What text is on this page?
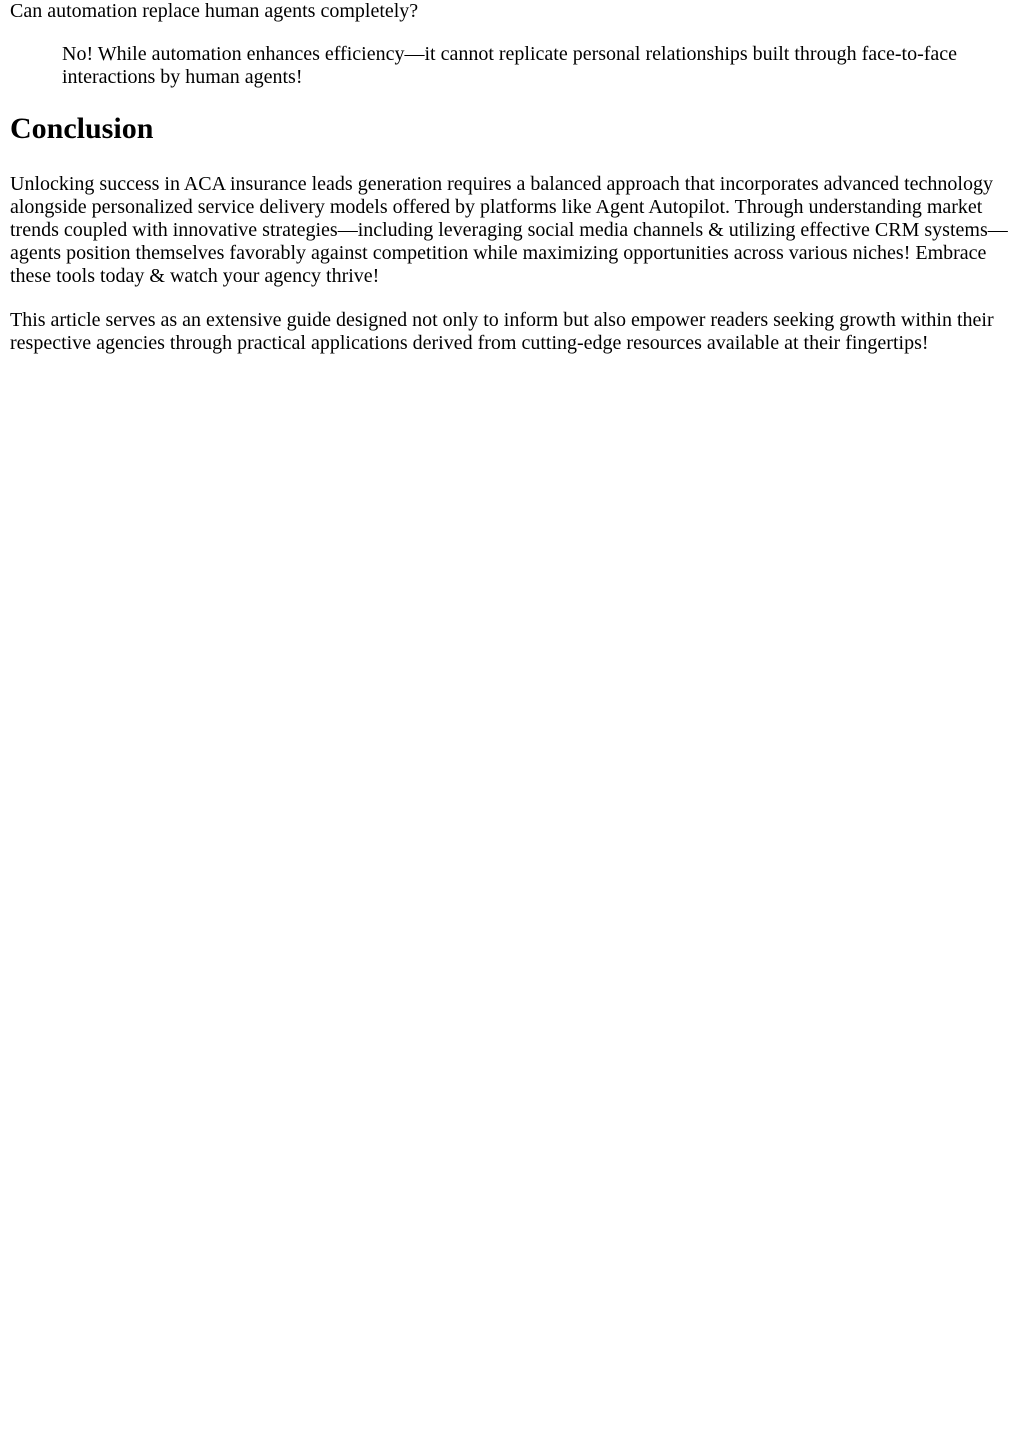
Can automation replace human agents completely?
No! While automation enhances efficiency—it cannot replicate personal relationships built through face-to-face interactions by human agents!
Conclusion

Unlocking success in ACA insurance leads generation requires a balanced approach that incorporates advanced technology alongside personalized service delivery models offered by platforms like Agent Autopilot. Through understanding market trends coupled with innovative strategies—including leveraging social media channels & utilizing effective CRM systems—agents position themselves favorably against competition while maximizing opportunities across various niches! Embrace these tools today & watch your agency thrive!

This article serves as an extensive guide designed not only to inform but also empower readers seeking growth within their respective agencies through practical applications derived from cutting-edge resources available at their fingertips!
